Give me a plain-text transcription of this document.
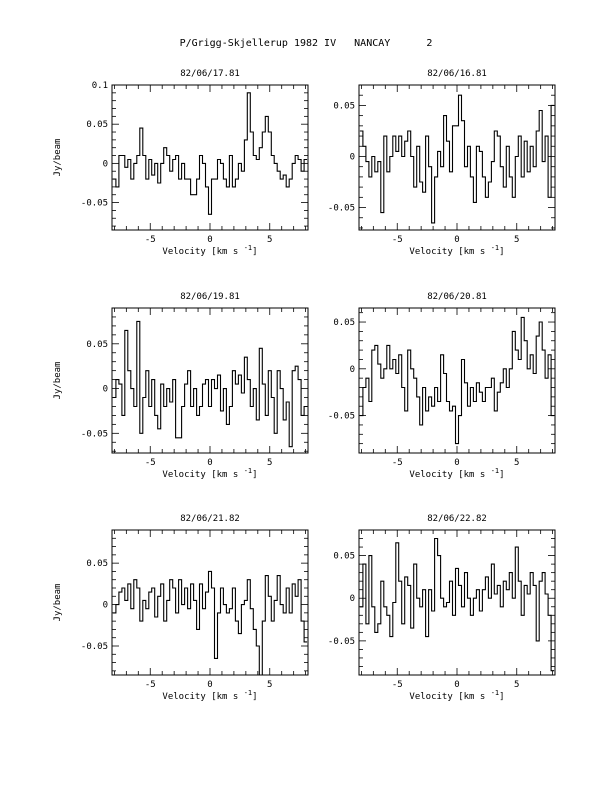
P/Grigg-Skjellerup 1982 IV   NANCAY      2
82/06/17.81
-5	0	5
-0.05
0
0.05
0.1
Velocity [km s $^{-1}$]
Jy/beam
82/06/16.81
-5	0	5
-0.05
0
0.05
Velocity [km s $^{-1}$]
82/06/19.81
-5	0	5
-0.05
0
0.05
Velocity [km s $^{-1}$]
Jy/beam
82/06/20.81
-5	0	5
-0.05
0
0.05
Velocity [km s $^{-1}$]
82/06/21.82
-5	0	5
-0.05
0
0.05
Velocity [km s $^{-1}$]
Jy/beam
82/06/22.82
-5	0	5
-0.05
0
0.05
Velocity [km s $^{-1}$]
